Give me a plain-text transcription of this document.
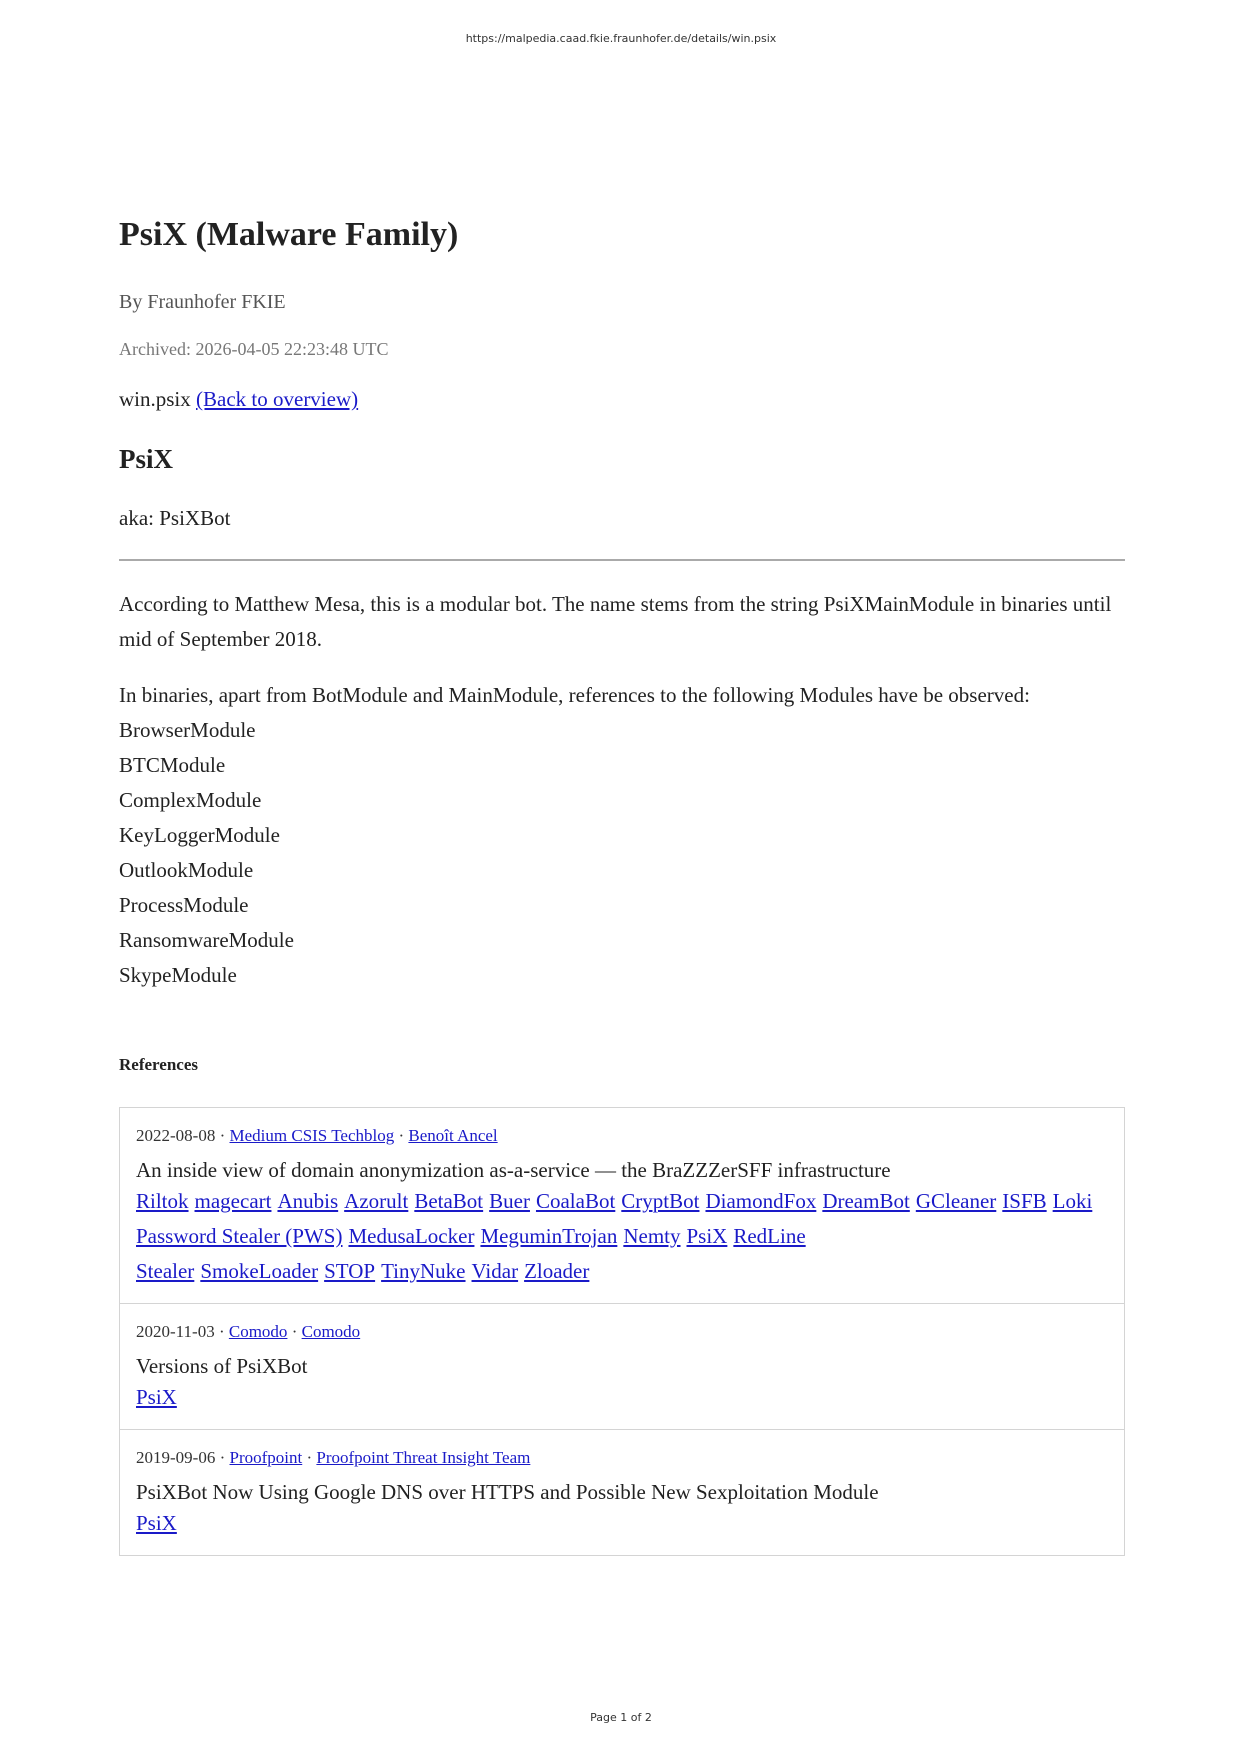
https://malpedia.caad.fkie.fraunhofer.de/details/win.psix
PsiX (Malware Family)
By Fraunhofer FKIE
Archived: 2026-04-05 22:23:48 UTC
win.psix (Back to overview)
PsiX
aka: PsiXBot

According to Matthew Mesa, this is a modular bot. The name stems from the string PsiXMainModule in binaries until mid of September 2018.

In binaries, apart from BotModule and MainModule, references to the following Modules have be observed:

BrowserModule
BTCModule
ComplexModule
KeyLoggerModule
OutlookModule
ProcessModule
RansomwareModule
SkypeModule
References
2022-08-08 · Medium CSIS Techblog · Benoît Ancel
An inside view of domain anonymization as-a-service — the BraZZZerSFF infrastructure
Riltok magecart Anubis Azorult BetaBot Buer CoalaBot CryptBot DiamondFox DreamBot GCleaner ISFB Loki Password Stealer (PWS) MedusaLocker MeguminTrojan Nemty PsiX RedLine Stealer SmokeLoader STOP TinyNuke Vidar Zloader
2020-11-03 · Comodo · Comodo
Versions of PsiXBot
PsiX
2019-09-06 · Proofpoint · Proofpoint Threat Insight Team
PsiXBot Now Using Google DNS over HTTPS and Possible New Sexploitation Module
PsiX
Page 1 of 2
